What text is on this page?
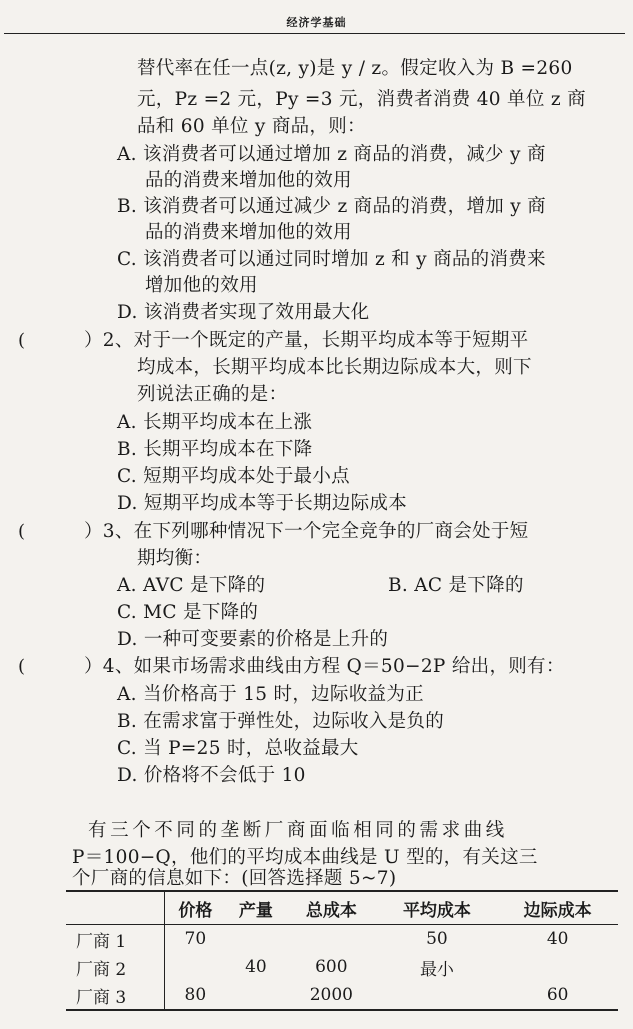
经济学基础
替代率在任一点(z, y)是 y / z。假定收入为 B =260
元，Pz =2 元，Py =3 元，消费者消费 40 单位 z 商
品和 60 单位 y 商品，则：
A. 该消费者可以通过增加 z 商品的消费，减少 y 商
品的消费来增加他的效用
B. 该消费者可以通过减少 z 商品的消费，增加 y 商
品的消费来增加他的效用
C. 该消费者可以通过同时增加 z 和 y 商品的消费来
增加他的效用
D. 该消费者实现了效用最大化
(	）2、对于一个既定的产量，长期平均成本等于短期平
均成本，长期平均成本比长期边际成本大，则下
列说法正确的是：
A. 长期平均成本在上涨
B. 长期平均成本在下降
C. 短期平均成本处于最小点
D. 短期平均成本等于长期边际成本
(	）3、在下列哪种情况下一个完全竞争的厂商会处于短
期均衡：
A. AVC 是下降的	B. AC 是下降的
C. MC 是下降的
D. 一种可变要素的价格是上升的
(	）4、如果市场需求曲线由方程 Q＝50−2P 给出，则有：
A. 当价格高于 15 时，边际收益为正
B. 在需求富于弹性处，边际收入是负的
C. 当 P=25 时，总收益最大
D. 价格将不会低于 10
有三个不同的垄断厂商面临相同的需求曲线
P＝100−Q，他们的平均成本曲线是 U 型的，有关这三
个厂商的信息如下：(回答选择题 5~7)
	价格	产量	总成本	平均成本	边际成本
厂商 1	70			50	40
厂商 2		40	600	最小	
厂商 3	80		2000		60
